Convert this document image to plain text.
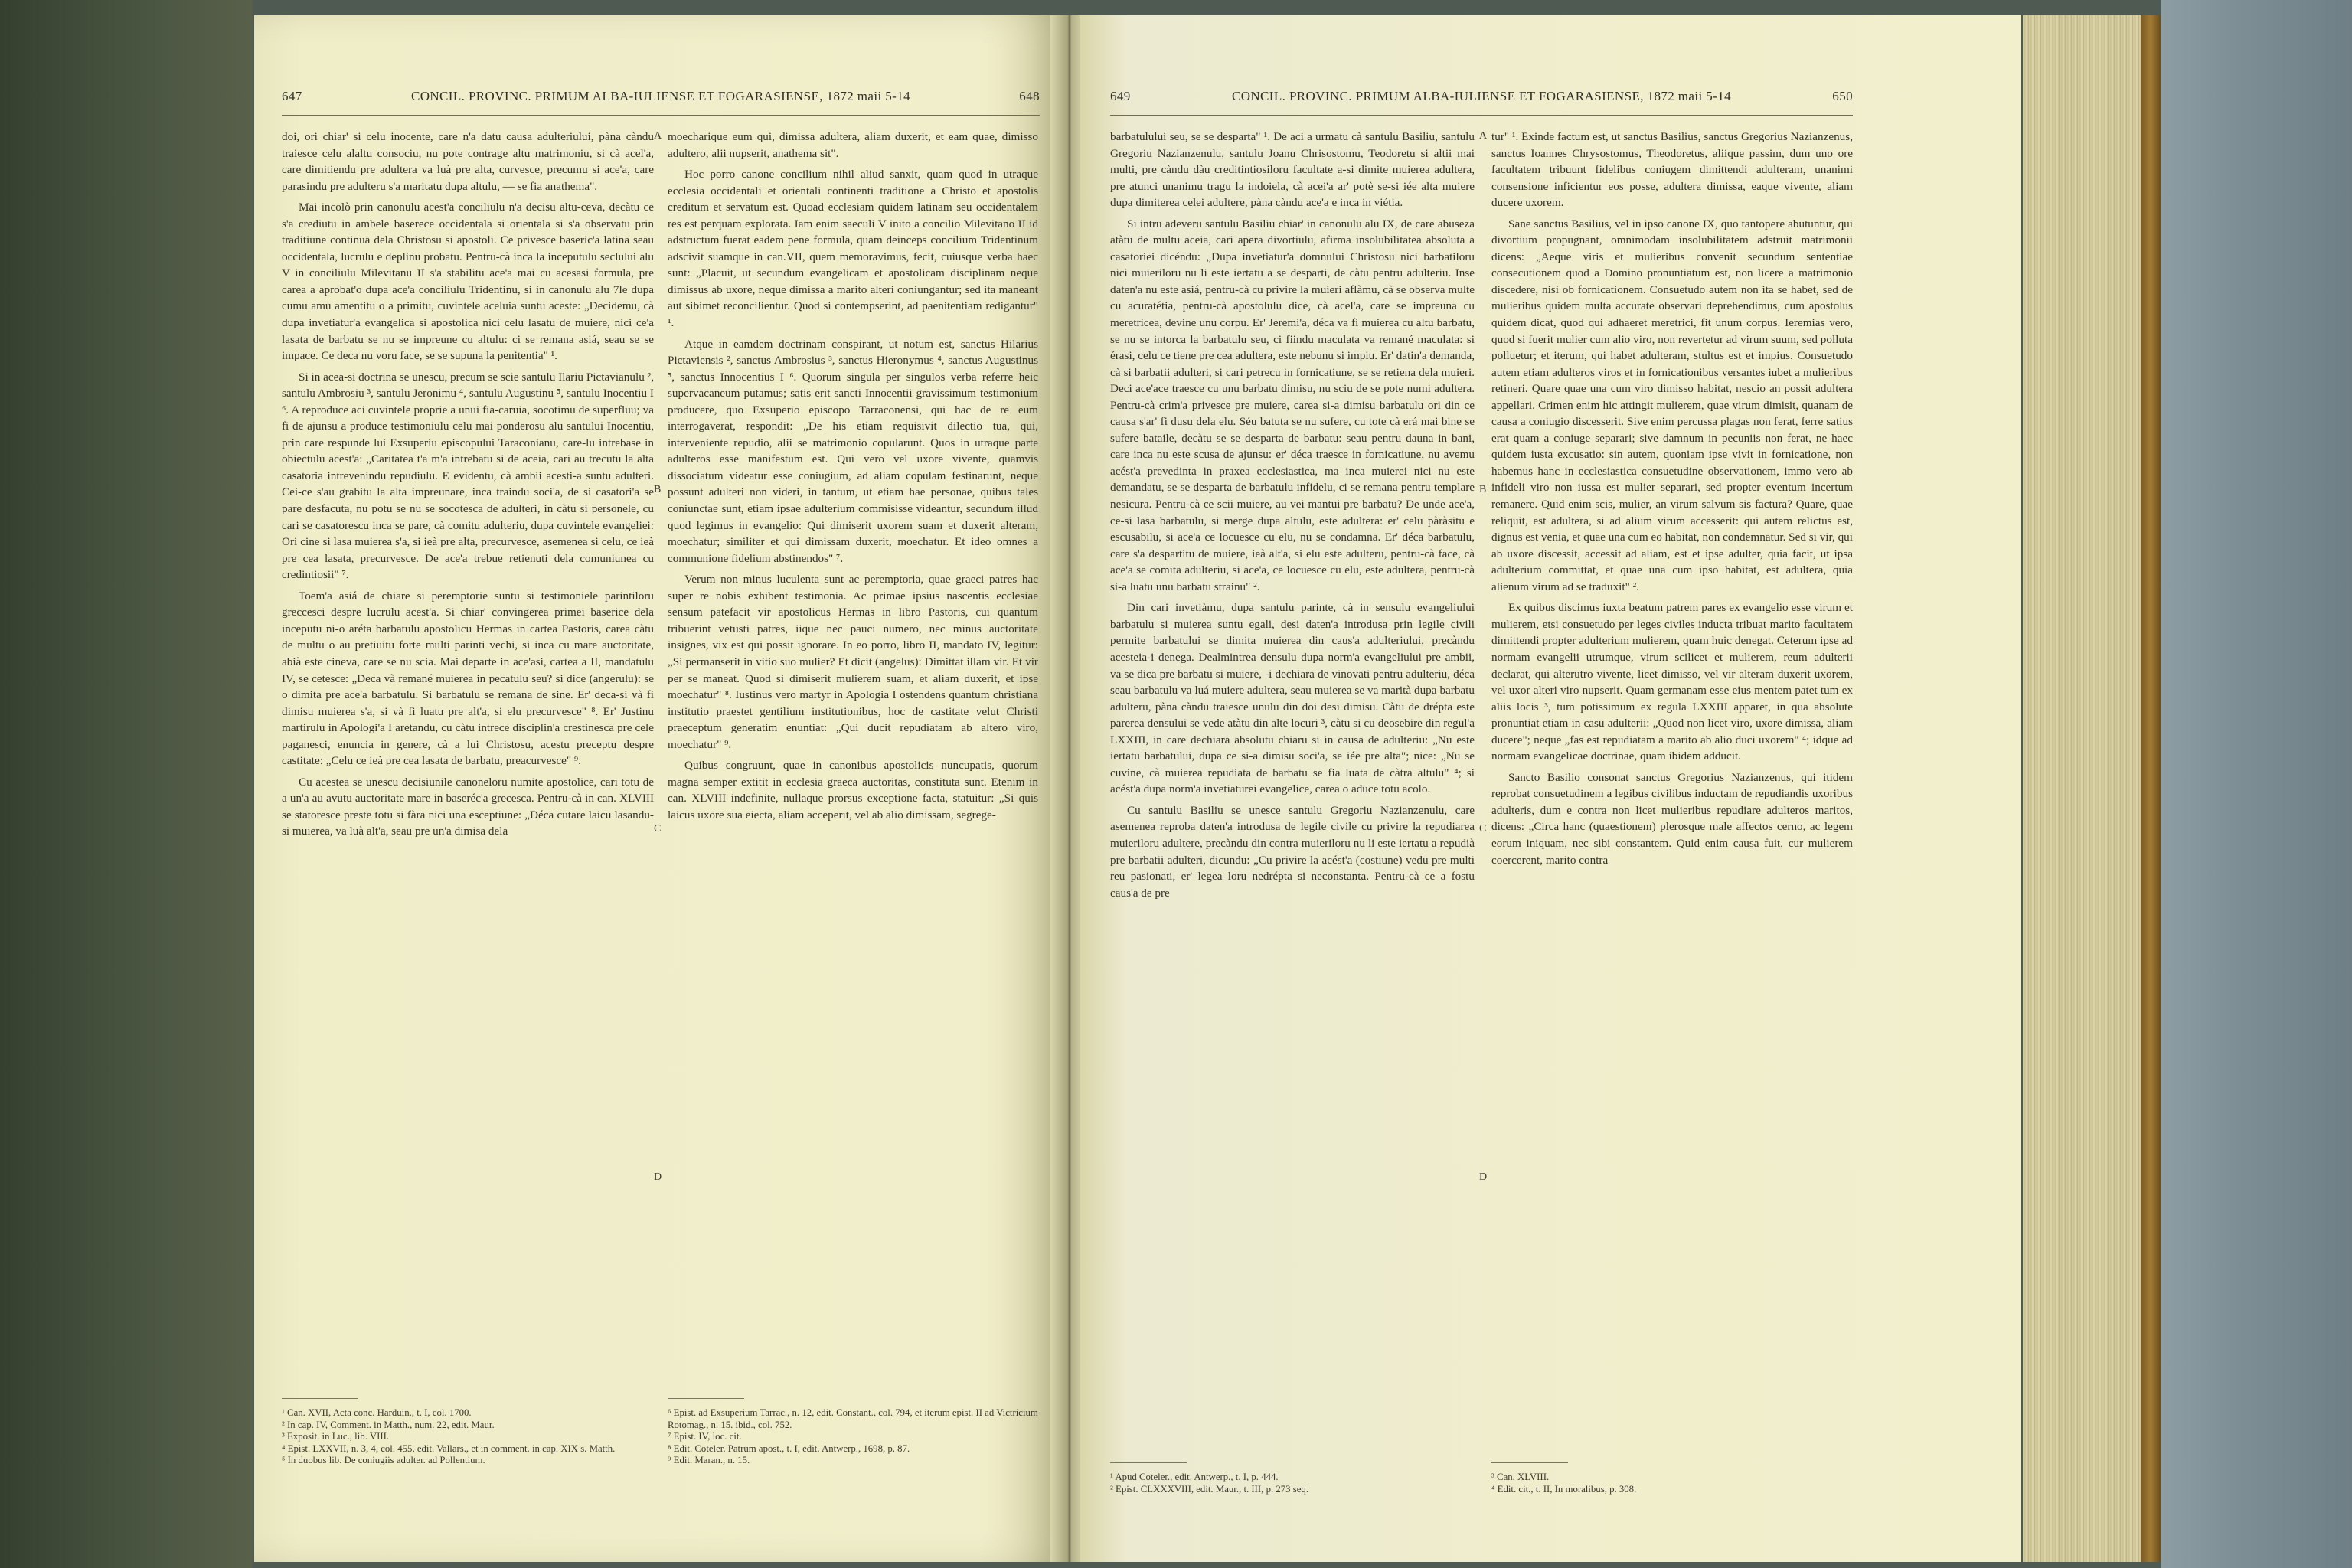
647	CONCIL. PROVINC. PRIMUM ALBA-IULIENSE ET FOGARASIENSE, 1872 maii 5-14	648

doi, ori chiar' si celu inocente, care n'a datu causa adulteriului, pàna càndu traiesce celu alaltu consociu, nu pote contrage altu matrimoniu, si cà acel'a, care dimitiendu pre adultera va luà pre alta, curvesce, precumu si ace'a, care parasindu pre adulteru s'a maritatu dupa altulu, — se fia anathema".

Mai incolò prin canonulu acest'a conciliulu n'a decisu altu-ceva, decàtu ce s'a crediutu in ambele baserece occidentala si orientala si s'a observatu prin traditiune continua dela Christosu si apostoli. Ce privesce baseric'a latina seau occidentala, lucrulu e deplinu probatu. Pentru-cà inca la inceputulu seclului alu V in conciliulu Milevitanu II s'a stabilitu ace'a mai cu acesasi formula, pre carea a aprobat'o dupa ace'a conciliulu Tridentinu, si in canonulu alu 7le dupa cumu amu amentitu o a primitu, cuvintele aceluia suntu aceste: „Decidemu, cà dupa invetiatur'a evangelica si apostolica nici celu lasatu de muiere, nici ce'a lasata de barbatu se nu se impreune cu altulu: ci se remana asiá, seau se se impace. Ce deca nu voru face, se se supuna la penitentia" ¹.

Si in acea-si doctrina se unescu, precum se scie santulu Ilariu Pictavianulu ², santulu Ambrosiu ³, santulu Jeronimu ⁴, santulu Augustinu ⁵, santulu Inocentiu I ⁶. A reproduce aci cuvintele proprie a unui fia-caruia, socotimu de superfluu; va fi de ajunsu a produce testimoniulu celu mai ponderosu alu santului Inocentiu, prin care respunde lui Exsuperiu episcopului Taraconianu, care-lu intrebase in obiectulu acest'a: „Caritatea t'a m'a intrebatu si de aceia, cari au trecutu la alta casatoria intrevenindu repudiulu. E evidentu, cà ambii acesti-a suntu adulteri. Cei-ce s'au grabitu la alta impreunare, inca traindu soci'a, de si casatori'a se pare desfacuta, nu potu se nu se socotesca de adulteri, in càtu si personele, cu cari se casatorescu inca se pare, cà comitu adulteriu, dupa cuvintele evangeliei: Ori cine si lasa muierea s'a, si ieà pre alta, precurvesce, asemenea si celu, ce ieà pre cea lasata, precurvesce. De ace'a trebue retienuti dela comuniunea cu credintiosii" ⁷.

Toem'a asiá de chiare si peremptorie suntu si testimoniele parintiloru greccesci despre lucrulu acest'a. Si chiar' convingerea primei baserice dela inceputu ni-o aréta barbatulu apostolicu Hermas in cartea Pastoris, carea càtu de multu o au pretiuitu forte multi parinti vechi, si inca cu mare auctoritate, abià este cineva, care se nu scia. Mai departe in ace'asi, cartea a II, mandatulu IV, se cetesce: „Deca và remané muierea in pecatulu seu? si dice (angerulu): se o dimita pre ace'a barbatulu. Si barbatulu se remana de sine. Er' deca-si và fi dimisu muierea s'a, si và fi luatu pre alt'a, si elu precurvesce" ⁸. Er' Justinu martirulu in Apologi'a I aretandu, cu càtu intrece disciplin'a crestinesca pre cele paganesci, enuncia in genere, cà a lui Christosu, acestu preceptu despre castitate: „Celu ce ieà pre cea lasata de barbatu, preacurvesce" ⁹.

Cu acestea se unescu decisiunile canoneloru numite apostolice, cari totu de a un'a au avutu auctoritate mare in baseréc'a grecesca. Pentru-cà in can. XLVIII se statoresce preste totu si fàra nici una esceptiune: „Déca cutare laicu lasandu-si muierea, va luà alt'a, seau pre un'a dimisa dela

A
B
C
D

moecharique eum qui, dimissa adultera, aliam duxerit, et eam quae, dimisso adultero, alii nupserit, anathema sit".

Hoc porro canone concilium nihil aliud sanxit, quam quod in utraque ecclesia occidentali et orientali continenti traditione a Christo et apostolis creditum et servatum est. Quoad ecclesiam quidem latinam seu occidentalem res est perquam explorata. Iam enim saeculi V inito a concilio Milevitano II id adstructum fuerat eadem pene formula, quam deinceps concilium Tridentinum adscivit suamque in can.VII, quem memoravimus, fecit, cuiusque verba haec sunt: „Placuit, ut secundum evangelicam et apostolicam disciplinam neque dimissus ab uxore, neque dimissa a marito alteri coniungantur; sed ita maneant aut sibimet reconcilientur. Quod si contempserint, ad paenitentiam redigantur" ¹.

Atque in eamdem doctrinam conspirant, ut notum est, sanctus Hilarius Pictaviensis ², sanctus Ambrosius ³, sanctus Hieronymus ⁴, sanctus Augustinus ⁵, sanctus Innocentius I ⁶. Quorum singula per singulos verba referre heic supervacaneum putamus; satis erit sancti Innocentii gravissimum testimonium producere, quo Exsuperio episcopo Tarraconensi, qui hac de re eum interrogaverat, respondit: „De his etiam requisivit dilectio tua, qui, interveniente repudio, alii se matrimonio copularunt. Quos in utraque parte adulteros esse manifestum est. Qui vero vel uxore vivente, quamvis dissociatum videatur esse coniugium, ad aliam copulam festinarunt, neque possunt adulteri non videri, in tantum, ut etiam hae personae, quibus tales coniunctae sunt, etiam ipsae adulterium commisisse videantur, secundum illud quod legimus in evangelio: Qui dimiserit uxorem suam et duxerit alteram, moechatur; similiter et qui dimissam duxerit, moechatur. Et ideo omnes a communione fidelium abstinendos" ⁷.

Verum non minus luculenta sunt ac peremptoria, quae graeci patres hac super re nobis exhibent testimonia. Ac primae ipsius nascentis ecclesiae sensum patefacit vir apostolicus Hermas in libro Pastoris, cui quantum tribuerint vetusti patres, iique nec pauci numero, nec minus auctoritate insignes, vix est qui possit ignorare. In eo porro, libro II, mandato IV, legitur: „Si permanserit in vitio suo mulier? Et dicit (angelus): Dimittat illam vir. Et vir per se maneat. Quod si dimiserit mulierem suam, et aliam duxerit, et ipse moechatur" ⁸. Iustinus vero martyr in Apologia I ostendens quantum christiana institutio praestet gentilium institutionibus, hoc de castitate velut Christi praeceptum generatim enuntiat: „Qui ducit repudiatam ab altero viro, moechatur" ⁹.

Quibus congruunt, quae in canonibus apostolicis nuncupatis, quorum magna semper extitit in ecclesia graeca auctoritas, constituta sunt. Etenim in can. XLVIII indefinite, nullaque prorsus exceptione facta, statuitur: „Si quis laicus uxore sua eiecta, aliam acceperit, vel ab alio dimissam, segrege-

¹ Can. XVII, Acta conc. Harduin., t. I, col. 1700.
² In cap. IV, Comment. in Matth., num. 22, edit. Maur.
³ Exposit. in Luc., lib. VIII.
⁴ Epist. LXXVII, n. 3, 4, col. 455, edit. Vallars., et in comment. in cap. XIX s. Matth.
⁵ In duobus lib. De coniugiis adulter. ad Pollentium.
⁶ Epist. ad Exsuperium Tarrac., n. 12, edit. Constant., col. 794, et iterum epist. II ad Victricium Rotomag., n. 15. ibid., col. 752.
⁷ Epist. IV, loc. cit.
⁸ Edit. Coteler. Patrum apost., t. I, edit. Antwerp., 1698, p. 87.
⁹ Edit. Maran., n. 15.
649	CONCIL. PROVINC. PRIMUM ALBA-IULIENSE ET FOGARASIENSE, 1872 maii 5-14	650

barbatulului seu, se se desparta" ¹. De aci a urmatu cà santulu Basiliu, santulu Gregoriu Nazianzenulu, santulu Joanu Chrisostomu, Teodoretu si altii mai multi, pre càndu dàu creditintiosiloru facultate a-si dimite muierea adultera, pre atunci unanimu tragu la indoiela, cà acei'a ar' potè se-si iée alta muiere dupa dimiterea celei adultere, pàna càndu ace'a e inca in viétia.

Si intru adeveru santulu Basiliu chiar' in canonulu alu IX, de care abuseza atàtu de multu aceia, cari apera divortiulu, afirma insolubilitatea absoluta a casatoriei dicéndu: „Dupa invetiatur'a domnului Christosu nici barbatiloru nici muieriloru nu li este iertatu a se desparti, de càtu pentru adulteriu. Inse daten'a nu este asiá, pentru-cà cu privire la muieri aflàmu, cà se observa multe cu acuratétia, pentru-cà apostolulu dice, cà acel'a, care se impreuna cu meretricea, devine unu corpu. Er' Jeremi'a, déca va fi muierea cu altu barbatu, se nu se intorca la barbatulu seu, ci fiindu maculata va remané maculata: si érasi, celu ce tiene pre cea adultera, este nebunu si impiu. Er' datin'a demanda, cà si barbatii adulteri, si cari petrecu in fornicatiune, se se retiena dela muieri. Deci ace'ace traesce cu unu barbatu dimisu, nu sciu de se pote numi adultera. Pentru-cà crim'a privesce pre muiere, carea si-a dimisu barbatulu ori din ce causa s'ar' fi dusu dela elu. Séu batuta se nu sufere, cu tote cà erá mai bine se sufere bataile, decàtu se se desparta de barbatu: seau pentru dauna in bani, care inca nu este scusa de ajunsu: er' déca traesce in fornicatiune, nu avemu acést'a prevedinta in praxea ecclesiastica, ma inca muierei nici nu este demandatu, se se desparta de barbatulu infidelu, ci se remana pentru templare nesicura. Pentru-cà ce scii muiere, au vei mantui pre barbatu? De unde ace'a, ce-si lasa barbatulu, si merge dupa altulu, este adultera: er' celu pàràsitu e escusabilu, si ace'a ce locuesce cu elu, nu se condamna. Er' déca barbatulu, care s'a despartitu de muiere, ieà alt'a, si elu este adulteru, pentru-cà face, cà ace'a se comita adulteriu, si ace'a, ce locuesce cu elu, este adultera, pentru-cà si-a luatu unu barbatu strainu" ².

Din cari invetiàmu, dupa santulu parinte, cà in sensulu evangeliului barbatulu si muierea suntu egali, desi daten'a introdusa prin legile civili permite barbatului se dimita muierea din caus'a adulteriului, precàndu acesteia-i denega. Dealmintrea densulu dupa norm'a evangeliului pre ambii, va se dica pre barbatu si muiere, -i dechiara de vinovati pentru adulteriu, déca seau barbatulu va luá muiere adultera, seau muierea se va marità dupa barbatu adulteru, pàna càndu traiesce unulu din doi desi dimisu. Càtu de drépta este parerea densului se vede atàtu din alte locuri ³, càtu si cu deosebire din regul'a LXXIII, in care dechiara absolutu chiaru si in causa de adulteriu: „Nu este iertatu barbatului, dupa ce si-a dimisu soci'a, se iée pre alta"; nice: „Nu se cuvine, cà muierea repudiata de barbatu se fia luata de càtra altulu" ⁴; si acést'a dupa norm'a invetiaturei evangelice, carea o aduce totu acolo.

Cu santulu Basiliu se unesce santulu Gregoriu Nazianzenulu, care asemenea reproba daten'a introdusa de legile civile cu privire la repudiarea muieriloru adultere, precàndu din contra muieriloru nu li este iertatu a repudià pre barbatii adulteri, dicundu: „Cu privire la acést'a (costiune) vedu pre multi reu pasionati, er' legea loru nedrépta si neconstanta. Pentru-cà ce a fostu caus'a de pre

A
B
C
D

tur" ¹. Exinde factum est, ut sanctus Basilius, sanctus Gregorius Nazianzenus, sanctus Ioannes Chrysostomus, Theodoretus, aliique passim, dum uno ore facultatem tribuunt fidelibus coniugem dimittendi adulteram, unanimi consensione inficientur eos posse, adultera dimissa, eaque vivente, aliam ducere uxorem.

Sane sanctus Basilius, vel in ipso canone IX, quo tantopere abutuntur, qui divortium propugnant, omnimodam insolubilitatem adstruit matrimonii dicens: „Aeque viris et mulieribus convenit secundum sententiae consecutionem quod a Domino pronuntiatum est, non licere a matrimonio discedere, nisi ob fornicationem. Consuetudo autem non ita se habet, sed de mulieribus quidem multa accurate observari deprehendimus, cum apostolus quidem dicat, quod qui adhaeret meretrici, fit unum corpus. Ieremias vero, quod si fuerit mulier cum alio viro, non revertetur ad virum suum, sed polluta polluetur; et iterum, qui habet adulteram, stultus est et impius. Consuetudo autem etiam adulteros viros et in fornicationibus versantes iubet a mulieribus retineri. Quare quae una cum viro dimisso habitat, nescio an possit adultera appellari. Crimen enim hic attingit mulierem, quae virum dimisit, quanam de causa a coniugio discesserit. Sive enim percussa plagas non ferat, ferre satius erat quam a coniuge separari; sive damnum in pecuniis non ferat, ne haec quidem iusta excusatio: sin autem, quoniam ipse vivit in fornicatione, non habemus hanc in ecclesiastica consuetudine observationem, immo vero ab infideli viro non iussa est mulier separari, sed propter eventum incertum remanere. Quid enim scis, mulier, an virum salvum sis factura? Quare, quae reliquit, est adultera, si ad alium virum accesserit: qui autem relictus est, dignus est venia, et quae una cum eo habitat, non condemnatur. Sed si vir, qui ab uxore discessit, accessit ad aliam, est et ipse adulter, quia facit, ut ipsa adulterium committat, et quae una cum ipso habitat, est adultera, quia alienum virum ad se traduxit" ².

Ex quibus discimus iuxta beatum patrem pares ex evangelio esse virum et mulierem, etsi consuetudo per leges civiles inducta tribuat marito facultatem dimittendi propter adulterium mulierem, quam huic denegat. Ceterum ipse ad normam evangelii utrumque, virum scilicet et mulierem, reum adulterii declarat, qui alterutro vivente, licet dimisso, vel vir alteram duxerit uxorem, vel uxor alteri viro nupserit. Quam germanam esse eius mentem patet tum ex aliis locis ³, tum potissimum ex regula LXXIII apparet, in qua absolute pronuntiat etiam in casu adulterii: „Quod non licet viro, uxore dimissa, aliam ducere"; neque „fas est repudiatam a marito ab alio duci uxorem" ⁴; idque ad normam evangelicae doctrinae, quam ibidem adducit.

Sancto Basilio consonat sanctus Gregorius Nazianzenus, qui itidem reprobat consuetudinem a legibus civilibus inductam de repudiandis uxoribus adulteris, dum e contra non licet mulieribus repudiare adulteros maritos, dicens: „Circa hanc (quaestionem) plerosque male affectos cerno, ac legem eorum iniquam, nec sibi constantem. Quid enim causa fuit, cur mulierem coercerent, marito contra

¹ Apud Coteler., edit. Antwerp., t. I, p. 444.
² Epist. CLXXXVIII, edit. Maur., t. III, p. 273 seq.
³ Can. XLVIII.
⁴ Edit. cit., t. II, In moralibus, p. 308.
